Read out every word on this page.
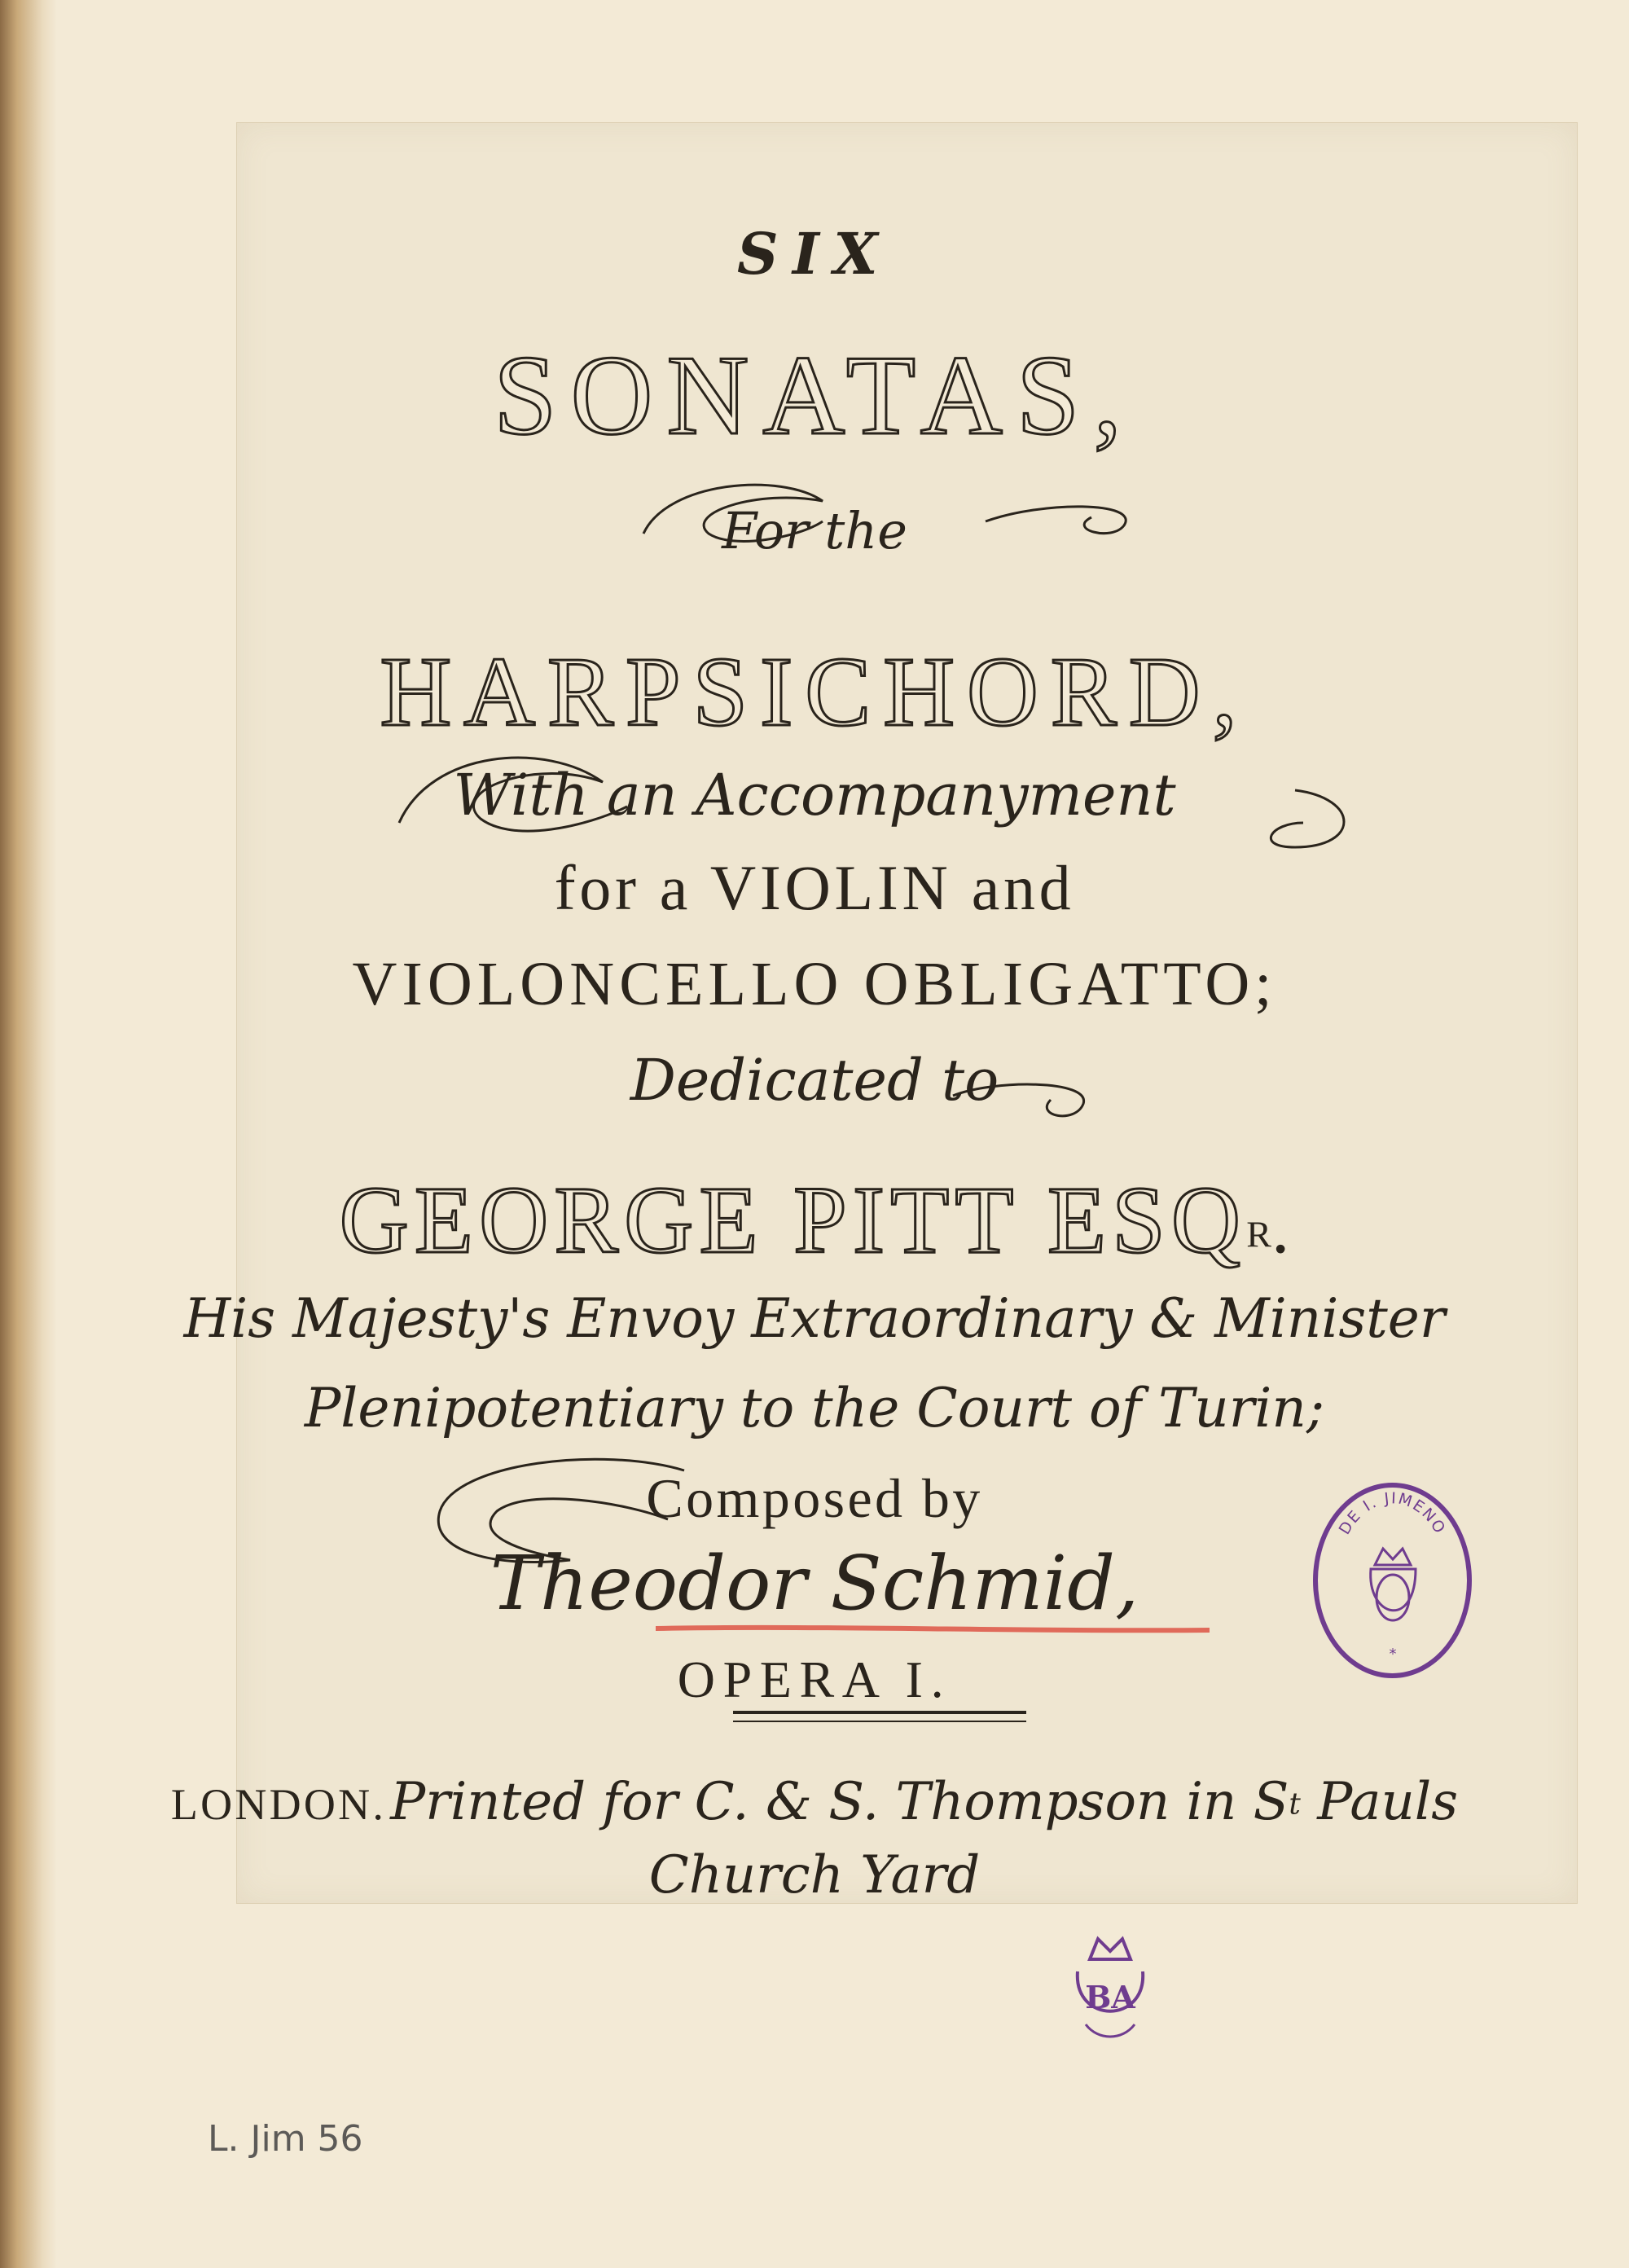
SIX
SONATAS,
For the
HARPSICHORD,
With an Accompanyment
for a VIOLIN and
VIOLONCELLO OBLIGATTO;
Dedicated to
GEORGE PITT $ESQ^R$.
His Majesty's Envoy Extraordinary & Minister
Plenipotentiary to the Court of Turin;
Composed by
Theodor Schmid,
OPERA I.
LONDON. Printed for C. & S. Thompson in $S^t$ Pauls
Church Yard
DE I. JIMENO
*
BA
L. Jim 56
